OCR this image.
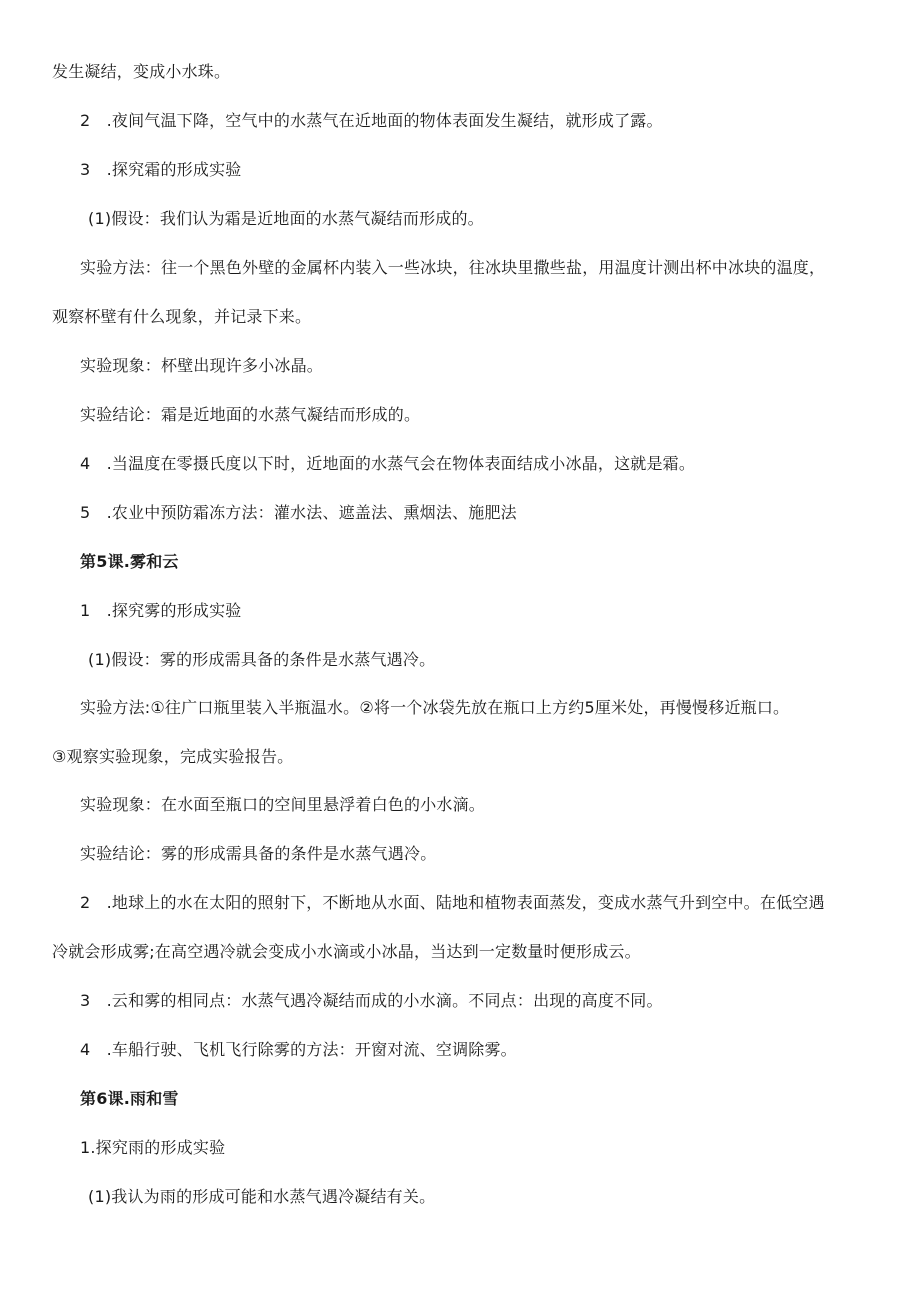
发生凝结，变成小水珠。
2　.夜间气温下降，空气中的水蒸气在近地面的物体表面发生凝结，就形成了露。
3　.探究霜的形成实验
(1)假设：我们认为霜是近地面的水蒸气凝结而形成的。
实验方法：往一个黑色外壁的金属杯内装入一些冰块，往冰块里撒些盐，用温度计测出杯中冰块的温度，
观察杯壁有什么现象，并记录下来。
实验现象：杯壁出现许多小冰晶。
实验结论：霜是近地面的水蒸气凝结而形成的。
4　.当温度在零摄氏度以下时，近地面的水蒸气会在物体表面结成小冰晶，这就是霜。
5　.农业中预防霜冻方法：灌水法、遮盖法、熏烟法、施肥法
第5课.雾和云
1　.探究雾的形成实验
(1)假设：雾的形成需具备的条件是水蒸气遇冷。
实验方法:①往广口瓶里装入半瓶温水。②将一个冰袋先放在瓶口上方约5厘米处，再慢慢移近瓶口。
③观察实验现象，完成实验报告。
实验现象：在水面至瓶口的空间里悬浮着白色的小水滴。
实验结论：雾的形成需具备的条件是水蒸气遇冷。
2　.地球上的水在太阳的照射下，不断地从水面、陆地和植物表面蒸发，变成水蒸气升到空中。在低空遇
冷就会形成雾;在高空遇冷就会变成小水滴或小冰晶，当达到一定数量时便形成云。
3　.云和雾的相同点：水蒸气遇冷凝结而成的小水滴。不同点：出现的高度不同。
4　.车船行驶、飞机飞行除雾的方法：开窗对流、空调除雾。
第6课.雨和雪
1.探究雨的形成实验
(1)我认为雨的形成可能和水蒸气遇冷凝结有关。
